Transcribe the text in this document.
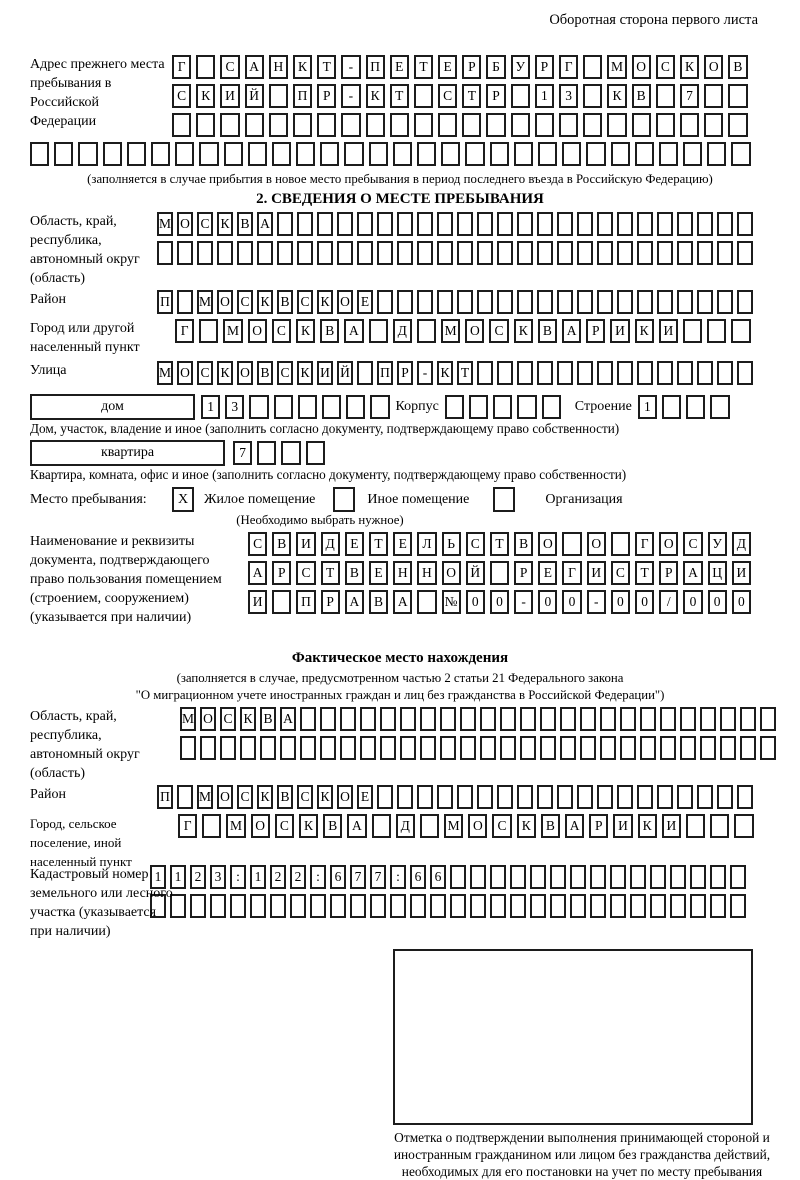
Оборотная сторона первого листа
Адрес прежнего места пребывания в Российской Федерации
Г	С	А	Н	К	Т	-	П	Е	Т	Е	Р	Б	У	Р	Г	М О	С	К	О	В
С	К	И	Й	П	Р	-	К	Т	С	Т	Р	1	3	К	В	7
(заполняется в случае прибытия в новое место пребывания в период последнего въезда в Российскую Федерацию)
2. СВЕДЕНИЯ О МЕСТЕ ПРЕБЫВАНИЯ
Область, край, республика, автономный округ (область)
М О С К В А
Район	П М О С К В С К О Е
Город или другой населенный пункт
Г	М О	С	К	В	А	Д	М О	С	К	В	А	Р	И	К	И
Улица	М О С К О В С К И Й П Р	- К Т
дом	1	3	Корпус	Строение 1
Дом, участок, владение и иное (заполнить согласно документу, подтверждающему право собственности)
квартира	7
Квартира, комната, офис и иное (заполнить согласно документу, подтверждающему право собственности)
Место пребывания:	X	Жилое помещение	Иное помещение	Организация
(Необходимо выбрать нужное)
Наименование и реквизиты документа, подтверждающего право пользования помещением (строением, сооружением) (указывается при наличии)
С	В	И	Д	Е	Т	Е	Л	Ь	С	Т	В	О	О	Г	О	С	У	Д
А	Р	С	Т	В	Е	Н	Н	О	Й	Р	Е	Г	И	С	Т	Р	А	Ц	И
И	П	Р	А	В	А	№	0	0	-	0	0	-	0	0	/	0	0	0
Фактическое место нахождения
(заполняется в случае, предусмотренном частью 2 статьи 21 Федерального закона
"О миграционном учете иностранных граждан и лиц без гражданства в Российской Федерации")
Область, край, республика, автономный округ (область)
М О С К В А
Район	П М О С К В С К О Е
Город, сельское поселение, иной населенный пункт
Г	М О	С	К	В	А	Д	М О	С	К	В	А	Р	И	К	И
Кадастровый номер земельного или лесного участка (указывается при наличии)
1 1 2 3	:	1 2 2	:	6 7 7	:	6 6
Отметка о подтверждении выполнения принимающей стороной и иностранным гражданином или лицом без гражданства действий, необходимых для его постановки на учет по месту пребывания
